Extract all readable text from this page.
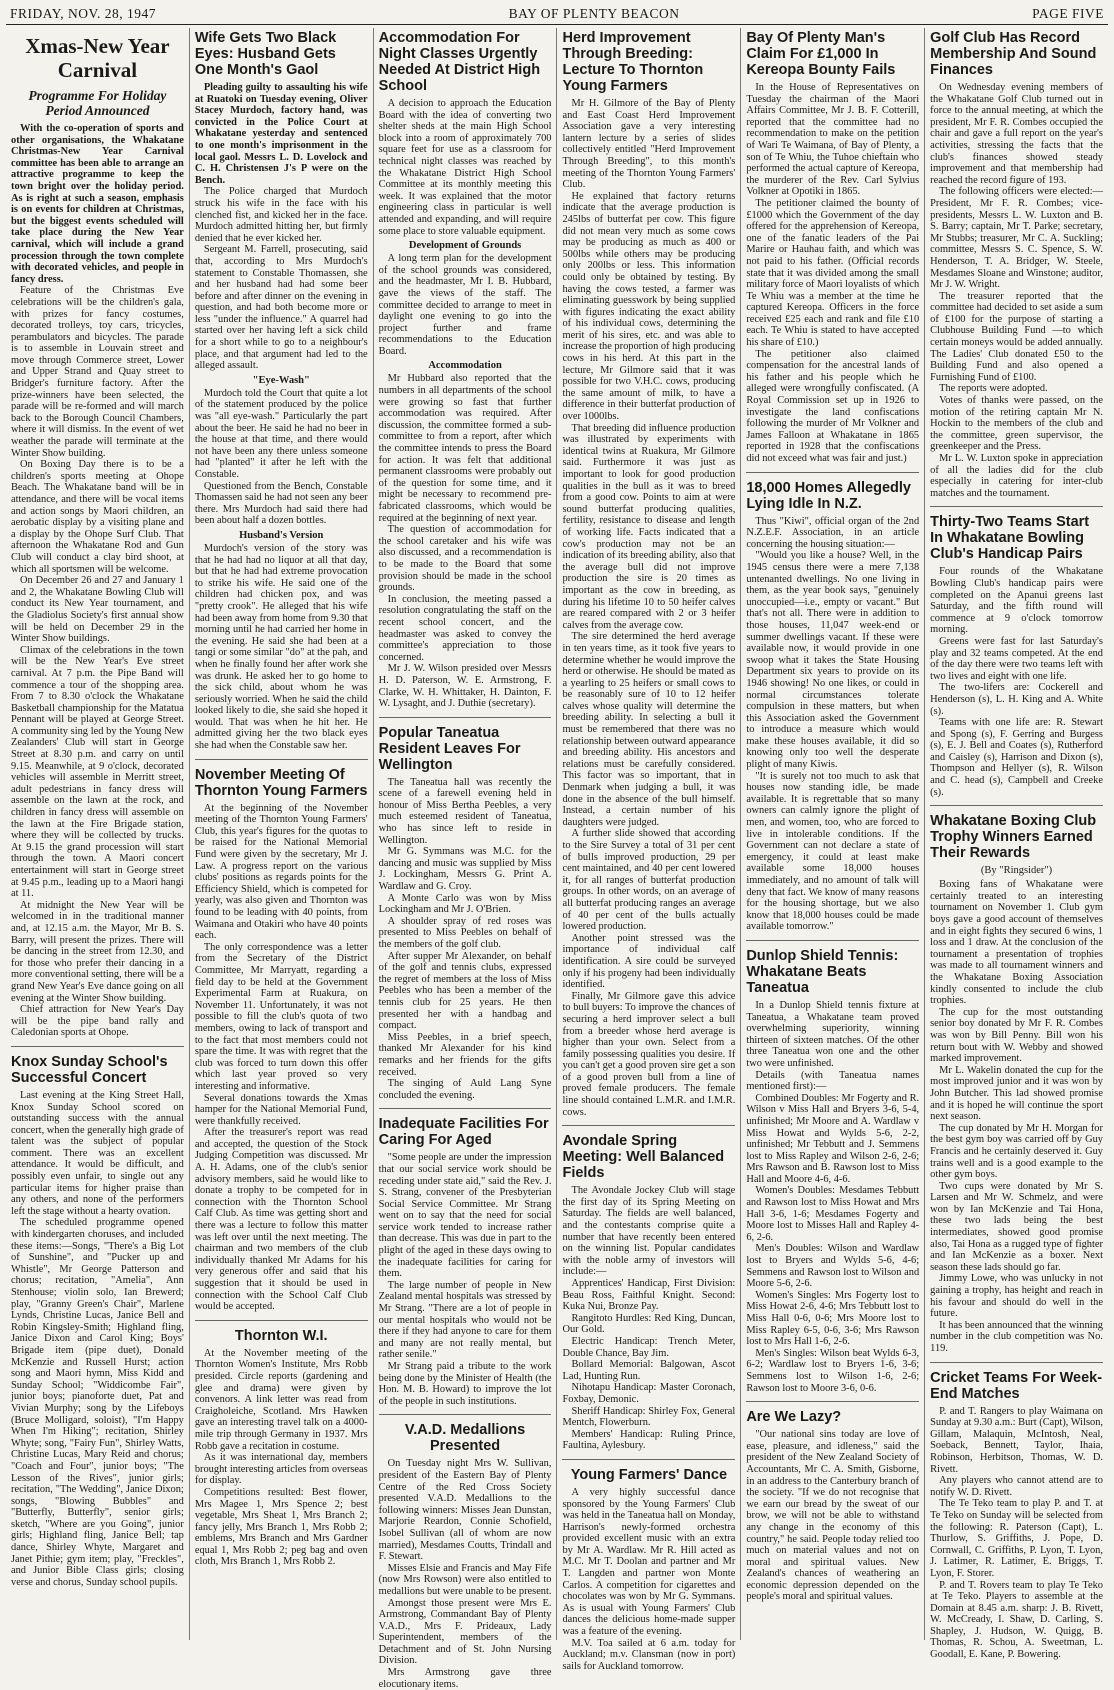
FRIDAY, NOV. 28, 1947	BAY OF PLENTY BEACON	PAGE FIVE
Xmas-New Year Carnival
Programme For Holiday Period Announced

With the co-operation of sports and other organisations, the Whakatane Christmas-New Year Carnival committee has been able to arrange an attractive programme to keep the town bright over the holiday period. As is right at such a season, emphasis is on events for children at Christmas, but the biggest events scheduled will take place during the New Year carnival, which will include a grand procession through the town complete with decorated vehicles, and people in fancy dress.

Feature of the Christmas Eve celebrations will be the children's gala, with prizes for fancy costumes, decorated trolleys, toy cars, tricycles, perambulators and bicycles. The parade is to assemble in Louvain street and move through Commerce street, Lower and Upper Strand and Quay street to Bridger's furniture factory. After the prize-winners have been selected, the parade will be re-formed and will march back to the Borough Council Chambers, where it will dismiss. In the event of wet weather the parade will terminate at the Winter Show building.

On Boxing Day there is to be a children's sports meeting at Ohope Beach. The Whakatane band will be in attendance, and there will be vocal items and action songs by Maori children, an aerobatic display by a visiting plane and a display by the Ohope Surf Club. That afternoon the Whakatane Rod and Gun Club will conduct a clay bird shoot, at which all sportsmen will be welcome.

On December 26 and 27 and January 1 and 2, the Whakatane Bowling Club will conduct its New Year tournament, and the Gladiolus Society's first annual show will be held on December 29 in the Winter Show buildings.

Climax of the celebrations in the town will be the New Year's Eve street carnival. At 7 p.m. the Pipe Band will commence a tour of the shopping area. From 7 to 8.30 o'clock the Whakatane Basketball championship for the Matatua Pennant will be played at George Street. A community sing led by the Young New Zealanders' Club will start in George Street at 8.30 p.m. and carry on until 9.15. Meanwhile, at 9 o'clock, decorated vehicles will assemble in Merritt street, adult pedestrians in fancy dress will assemble on the lawn at the rock, and children in fancy dress will assemble on the lawn at the Fire Brigade station, where they will be collected by trucks. At 9.15 the grand procession will start through the town. A Maori concert entertainment will start in George street at 9.45 p.m., leading up to a Maori hangi at 11.

At midnight the New Year will be welcomed in in the traditional manner and, at 12.15 a.m. the Mayor, Mr B. S. Barry, will present the prizes. There will be dancing in the street from 12.30, and for those who prefer their dancing in a more conventional setting, there will be a grand New Year's Eve dance going on all evening at the Winter Show building.

Chief attraction for New Year's Day will be the pipe band rally and Caledonian sports at Ohope.

Knox Sunday School's Successful Concert

Last evening at the King Street Hall, Knox Sunday School scored on outstanding success with the annual concert, when the generally high grade of talent was the subject of popular comment. There was an excellent attendance. It would be difficult, and possibly even unfair, to single out any particular items for higher praise than any others, and none of the performers left the stage without a hearty ovation.

The scheduled programme opened with kindergarten choruses, and included these items:—Songs, "There's a Big Lot of Sunshine", and "Pucker up and Whistle", Mr George Patterson and chorus; recitation, "Amelia", Ann Stenhouse; violin solo, Ian Brewerd; play, "Granny Green's Chair", Marlene Lynds, Christine Lucas, Janice Bell and Robin Kingsley-Smith; Highland fling, Janice Dixon and Carol King; Boys' Brigade item (pipe duet), Donald McKenzie and Russell Hurst; action song and Maori hymn, Miss Kidd and Sunday School; "Widdicombe Fair", junior boys; pianoforte duet, Pat and Vivian Murphy; song by the Lifeboys (Bruce Molligard, soloist), "I'm Happy When I'm Hiking"; recitation, Shirley Whyte; song, "Fairy Fun", Shirley Watts, Christine Lucas, Mary Reid and chorus; "Coach and Four", junior boys; "The Lesson of the Rives", junior girls; recitation, "The Wedding", Janice Dixon; songs, "Blowing Bubbles" and "Butterfly, Butterfly", senior girls; sketch, "Where are you Going", junior girls; Highland fling, Janice Bell; tap dance, Shirley Whyte, Margaret and Janet Pithie; gym item; play, "Freckles", and Junior Bible Class girls; closing verse and chorus, Sunday school pupils.

Wife Gets Two Black Eyes: Husband Gets One Month's Gaol

Pleading guilty to assaulting his wife at Ruatoki on Tuesday evening, Oliver Stacey Murdoch, factory hand, was convicted in the Police Court at Whakatane yesterday and sentenced to one month's imprisonment in the local gaol. Messrs L. D. Lovelock and C. H. Christensen J's P were on the Bench.

The Police charged that Murdoch struck his wife in the face with his clenched fist, and kicked her in the face. Murdoch admitted hitting her, but firmly denied that he ever kicked her.

Sergeant M. Farrell, prosecuting, said that, according to Mrs Murdoch's statement to Constable Thomassen, she and her husband had had some beer before and after dinner on the evening in question, and had both become more or less "under the influence." A quarrel had started over her having left a sick child for a short while to go to a neighbour's place, and that argument had led to the alleged assault.

"Eye-Wash"

Murdoch told the Court that quite a lot of the statement produced by the police was "all eye-wash." Particularly the part about the beer. He said he had no beer in the house at that time, and there would not have been any there unless someone had "planted" it after he left with the Constable.

Questioned from the Bench, Constable Thomassen said he had not seen any beer there. Mrs Murdoch had said there had been about half a dozen bottles.

Husband's Version

Murdoch's version of the story was that he had had no liquor at all that day, but that he had had extreme provocation to strike his wife. He said one of the children had chicken pox, and was "pretty crook". He alleged that his wife had been away from home from 9.30 that morning until he had carried her home in the evening. He said she had been at a tangi or some similar "do" at the pah, and when he finally found her after work she was drunk. He asked her to go home to the sick child, about whom he was seriously worried. When he said the child looked likely to die, she said she hoped it would. That was when he hit her. He admitted giving her the two black eyes she had when the Constable saw her.

November Meeting Of Thornton Young Farmers

At the beginning of the November meeting of the Thornton Young Farmers' Club, this year's figures for the quotas to be raised for the National Memorial Fund were given by the secretary, Mr J. Law. A progress report on the various clubs' positions as regards points for the Efficiency Shield, which is competed for yearly, was also given and Thornton was found to be leading with 40 points, from Waimana and Otakiri who have 40 points each.

The only correspondence was a letter from the Secretary of the District Committee, Mr Marryatt, regarding a field day to be held at the Government Experimental Farm at Ruakura, on November 11. Unfortunately, it was not possible to fill the club's quota of two members, owing to lack of transport and to the fact that most members could not spare the time. It was with regret that the club was forced to turn down this offer which last year proved so very interesting and informative.

Several donations towards the Xmas hamper for the National Memorial Fund, were thankfully received.

After the treasurer's report was read and accepted, the question of the Stock Judging Competition was discussed. Mr A. H. Adams, one of the club's senior advisory members, said he would like to donate a trophy to be competed for in connection with the Thornton School Calf Club. As time was getting short and there was a lecture to follow this matter was left over until the next meeting. The chairman and two members of the club individually thanked Mr Adams for his very generous offer and said that his suggestion that it should be used in connection with the School Calf Club would be accepted.

Thornton W.I.

At the November meeting of the Thornton Women's Institute, Mrs Robb presided. Circle reports (gardening and glee and drama) were given by convenors. A link letter was read from Craigholeiche, Scotland. Mrs Hawken gave an interesting travel talk on a 4000-mile trip through Germany in 1937. Mrs Robb gave a recitation in costume.

As it was international day, members brought interesting articles from overseas for display.

Competitions resulted: Best flower, Mrs Magee 1, Mrs Spence 2; best vegetable, Mrs Sheat 1, Mrs Branch 2; fancy jelly, Mrs Branch 1, Mrs Robb 2; emblems, Mrs Branch and Mrs Gardner equal 1, Mrs Robb 2; peg bag and oven cloth, Mrs Branch 1, Mrs Robb 2.

Accommodation For Night Classes Urgently Needed At District High School

A decision to approach the Education Board with the idea of converting two shelter sheds at the main High School block into a room of approximately 700 square feet for use as a classroom for technical night classes was reached by the Whakatane District High School Committee at its monthly meeting this week. It was explained that the motor engineering class in particular is well attended and expanding, and will require some place to store valuable equipment.

Development of Grounds

A long term plan for the development of the school grounds was considered, and the headmaster, Mr I. B. Hubbard, gave the views of the staff. The committee decided to arrange to meet in daylight one evening to go into the project further and frame recommendations to the Education Board.

Accommodation

Mr Hubbard also reported that the numbers in all departments of the school were growing so fast that further accommodation was required. After discussion, the committee formed a sub-committee to from a report, after which the committee intends to press the Board for action. It was felt that additional permanent classrooms were probably out of the question for some time, and it might be necessary to recommend pre-fabricated classrooms, which would be required at the beginning of next year.

The question of accommodation for the school caretaker and his wife was also discussed, and a recommendation is to be made to the Board that some provision should be made in the school grounds.

In conclusion, the meeting passed a resolution congratulating the staff on the recent school concert, and the headmaster was asked to convey the committee's appreciation to those concerned.

Mr J. W. Wilson presided over Messrs H. D. Paterson, W. E. Armstrong, F. Clarke, W. H. Whittaker, H. Dainton, F. W. Lysaght, and J. Duthie (secretary).

Popular Taneatua Resident Leaves For Wellington

The Taneatua hall was recently the scene of a farewell evening held in honour of Miss Bertha Peebles, a very much esteemed resident of Taneatua, who has since left to reside in Wellington.

Mr G. Symmans was M.C. for the dancing and music was supplied by Miss J. Lockingham, Messrs G. Print A. Wardlaw and G. Croy.

A Monte Carlo was won by Miss Lockingham and Mr J. O'Brien.

A shoulder spray of red roses was presented to Miss Peebles on behalf of the members of the golf club.

After supper Mr Alexander, on behalf of the golf and tennis clubs, expressed the regret of members at the loss of Miss Peebles who has been a member of the tennis club for 25 years. He then presented her with a handbag and compact.

Miss Peebles, in a brief speech, thanked Mr Alexander for his kind remarks and her friends for the gifts received.

The singing of Auld Lang Syne concluded the evening.

Inadequate Facilities For Caring For Aged

"Some people are under the impression that our social service work should be receding under state aid," said the Rev. J. S. Strang, convener of the Presbyterian Social Service Committee. Mr Strang went on to say that the need for social service work tended to increase rather than decrease. This was due in part to the plight of the aged in these days owing to the inadequate facilities for caring for them.

The large number of people in New Zealand mental hospitals was stressed by Mr Strang. "There are a lot of people in our mental hospitals who would not be there if they had anyone to care for them and many are not really mental, but rather senile."

Mr Strang paid a tribute to the work being done by the Minister of Health (the Hon. M. B. Howard) to improve the lot of the people in such institutions.

V.A.D. Medallions Presented

On Tuesday night Mrs W. Sullivan, president of the Eastern Bay of Plenty Centre of the Red Cross Society presented V.A.D. Medallions to the following winners: Misses Jean Dunstan, Marjorie Reardon, Connie Schofield, Isobel Sullivan (all of whom are now married), Mesdames Coutts, Trindall and F. Stewart.

Misses Elsie and Francis and May Fife (now Mrs Rowson) were also entitled to medallions but were unable to be present.

Amongst those present were Mrs E. Armstrong, Commandant Bay of Plenty V.A.D., Mrs F. Prideaux, Lady Superintendent, members of the Detachment and of St. John Nursing Division.

Mrs Armstrong gave three elocutionary items.

Herd Improvement Through Breeding: Lecture To Thornton Young Farmers

Mr H. Gilmore of the Bay of Plenty and East Coast Herd Improvement Association gave a very interesting lantern lecture by a series of slides collectively entitled "Herd Improvement Through Breeding", to this month's meeting of the Thornton Young Farmers' Club.

He explained that factory returns indicate that the average production is 245lbs of butterfat per cow. This figure did not mean very much as some cows may be producing as much as 400 or 500lbs while others may be producing only 200lbs or less. This information could only be obtained by testing. By having the cows tested, a farmer was eliminating guesswork by being supplied with figures indicating the exact ability of his individual cows, determining the merit of his sires, etc. and was able to increase the proportion of high producing cows in his herd. At this part in the lecture, Mr Gilmore said that it was possible for two V.H.C. cows, producing the same amount of milk, to have a difference in their butterfat production of over 1000lbs.

That breeding did influence production was illustrated by experiments with identical twins at Ruakura, Mr Gilmore said. Furthermore it was just as important to look for good production qualities in the bull as it was to breed from a good cow. Points to aim at were sound butterfat producing qualities, fertility, resistance to disease and length of working life. Facts indicated that a cow's production may not be an indication of its breeding ability, also that the average bull did not improve production the sire is 20 times as important as the cow in breeding, as during his lifetime 10 to 50 heifer calves are reared compared with 2 or 3 heifer calves from the average cow.

The sire determined the herd average in ten years time, as it took five years to determine whether he would improve the herd or otherwise. He should be mated as a yearling to 25 heifers or small cows to be reasonably sure of 10 to 12 heifer calves whose quality will determine the breeding ability. In selecting a bull it must be remembered that there was no relationship between outward appearance and breeding ability. His ancestors and relations must be carefully considered. This factor was so important, that in Denmark when judging a bull, it was done in the absence of the bull himself. Instead, a certain number of his daughters were judged.

A further slide showed that according to the Sire Survey a total of 31 per cent of bulls improved production, 29 per cent maintained, and 40 per cent lowered it, for all ranges of butterfat production groups. In other words, on an average of all butterfat producing ranges an average of 40 per cent of the bulls actually lowered production.

Another point stressed was the importance of individual calf identification. A sire could be surveyed only if his progeny had been individually identified.

Finally, Mr Gilmore gave this advice to bull buyers: To improve the chances of securing a herd improver select a bull from a breeder whose herd average is higher than your own. Select from a family possessing qualities you desire. If you can't get a good proven sire get a son of a good proven bull from a line of proved female producers. The female line should contained L.M.R. and I.M.R. cows.

Avondale Spring Meeting: Well Balanced Fields

The Avondale Jockey Club will stage the first day of its Spring Meeting on Saturday. The fields are well balanced, and the contestants comprise quite a number that have recently been entered on the winning list. Popular candidates with the noble army of investors will include:—

Apprentices' Handicap, First Division: Beau Ross, Faithful Knight. Second: Kuka Nui, Bronze Pay.

Rangitoto Hurdles: Red King, Duncan, Our Gold.

Electric Handicap: Trench Meter, Double Chance, Bay Jim.

Bollard Memorial: Balgowan, Ascot Lad, Hunting Run.

Nihotapu Handicap: Master Coronach, Foxbay, Demonic.

Sheriff Handicap: Shirley Fox, General Mentch, Flowerburn.

Members' Handicap: Ruling Prince, Faultina, Aylesbury.

Young Farmers' Dance

A very highly successful dance sponsored by the Young Farmers' Club was held in the Taneatua hall on Monday, Harrison's newly-formed orchestra provided excellent music with an extra by Mr A. Wardlaw. Mr R. Hill acted as M.C. Mr T. Doolan and partner and Mr T. Langden and partner won Monte Carlos. A competition for cigarettes and chocolates was won by Mr G. Symmans. As is usual with Young Farmers' Club dances the delicious home-made supper was a feature of the evening.

M.V. Toa sailed at 6 a.m. today for Auckland; m.v. Clansman (now in port) sails for Auckland tomorrow.

Bay Of Plenty Man's Claim For £1,000 In Kereopa Bounty Fails

In the House of Representatives on Tuesday the chairman of the Maori Affairs Committee, Mr J. B. F. Cotterill, reported that the committee had no recommendation to make on the petition of Wari Te Waimana, of Bay of Plenty, a son of Te Whiu, the Tuhoe chieftain who performed the actual capture of Kereopa, the murderer of the Rev. Carl Sylvius Volkner at Opotiki in 1865.

The petitioner claimed the bounty of £1000 which the Government of the day offered for the apprehension of Kereopa, one of the fanatic leaders of the Pai Marire or Hauhau faith, and which was not paid to his father. (Official records state that it was divided among the small military force of Maori loyalists of which Te Whiu was a member at the time he captured Kereopa. Officers in the force received £25 each and rank and file £10 each. Te Whiu is stated to have accepted his share of £10.)

The petitioner also claimed compensation for the ancestral lands of his father and his people which he alleged were wrongfully confiscated. (A Royal Commission set up in 1926 to investigate the land confiscations following the murder of Mr Volkner and James Falloon at Whakatane in 1865 reported in 1928 that the confiscations did not exceed what was fair and just.)

18,000 Homes Allegedly Lying Idle In N.Z.

Thus "Kiwi", official organ of the 2nd N.Z.E.F. Association, in an article concerning the housing situation:—

"Would you like a house? Well, in the 1945 census there were a mere 7,138 untenanted dwellings. No one living in them, as the year book says, "genuinely unoccupied—i.e., empty or vacant." But that's not all. There were in addition to those houses, 11,047 week-end or summer dwellings vacant. If these were available now, it would provide in one swoop what it takes the State Housing Department six years to provide on its 1946 showing! No one likes, or could in normal circumstances tolerate compulsion in these matters, but when this Association asked the Government to introduce a measure which would make these houses available, it did so knowing only too well the desperate plight of many Kiwis.

"It is surely not too much to ask that houses now standing idle, be made available. It is regrettable that so many owners can calmly ignore the plight of men, and women, too, who are forced to live in intolerable conditions. If the Government can not declare a state of emergency, it could at least make available some 18,000 houses immediately, and no amount of talk will deny that fact. We know of many reasons for the housing shortage, but we also know that 18,000 houses could be made available tomorrow."

Dunlop Shield Tennis: Whakatane Beats Taneatua

In a Dunlop Shield tennis fixture at Taneatua, a Whakatane team proved overwhelming superiority, winning thirteen of sixteen matches. Of the other three Taneatua won one and the other two were unfinished.

Details (with Taneatua names mentioned first):—

Combined Doubles: Mr Fogerty and R. Wilson v Miss Hall and Bryers 3-6, 5-4, unfinished; Mr Moore and A. Wardlaw v Miss Howat and Wylds 5-6, 2-2, unfinished; Mr Tebbutt and J. Semmens lost to Miss Rapley and Wilson 2-6, 2-6; Mrs Rawson and B. Rawson lost to Miss Hall and Moore 4-6, 4-6.

Women's Doubles: Mesdames Tebbutt and Rawson lost to Miss Howat and Mrs Hall 3-6, 1-6; Mesdames Fogerty and Moore lost to Misses Hall and Rapley 4-6, 2-6.

Men's Doubles: Wilson and Wardlaw lost to Bryers and Wylds 5-6, 4-6; Semmens and Rawson lost to Wilson and Moore 5-6, 2-6.

Women's Singles: Mrs Fogerty lost to Miss Howat 2-6, 4-6; Mrs Tebbutt lost to Miss Hall 0-6, 0-6; Mrs Moore lost to Miss Rapley 6-5, 0-6, 3-6; Mrs Rawson lost to Mrs Hall 1-6, 2-6.

Men's Singles: Wilson beat Wylds 6-3, 6-2; Wardlaw lost to Bryers 1-6, 3-6; Semmens lost to Wilson 1-6, 2-6; Rawson lost to Moore 3-6, 0-6.

Are We Lazy?

"Our national sins today are love of ease, pleasure, and idleness," said the president of the New Zealand Society of Accountants, Mr C. A. Smith, Gisborne, in an address to the Canterbury branch of the society. "If we do not recognise that we earn our bread by the sweat of our brow, we will not be able to withstand any change in the economy of this country," he said. People today relied too much on material values and not on moral and spiritual values. New Zealand's chances of weathering an economic depression depended on the people's moral and spiritual values.

Golf Club Has Record Membership And Sound Finances

On Wednesday evening members of the Whakatane Golf Club turned out in force to the annual meeting, at which the president, Mr F. R. Combes occupied the chair and gave a full report on the year's activities, stressing the facts that the club's finances showed steady improvement and that membership had reached the record figure of 193.

The following officers were elected:—President, Mr F. R. Combes; vice-presidents, Messrs L. W. Luxton and B. S. Barry; captain, Mr T. Parke; secretary, Mr Stubbs; treasurer, Mr C. A. Suckling; committee, Messrs S. C. Spence, S. W. Henderson, T. A. Bridger, W. Steele, Mesdames Sloane and Winstone; auditor, Mr J. W. Wright.

The treasurer reported that the committee had decided to set aside a sum of £100 for the purpose of starting a Clubhouse Building Fund —to which certain moneys would be added annually. The Ladies' Club donated £50 to the Building Fund and also opened a Furnishing Fund of £100.

The reports were adopted.

Votes of thanks were passed, on the motion of the retiring captain Mr N. Hockin to the members of the club and the committee, green supervisor, the greenkeeper and the Press.

Mr L. W. Luxton spoke in appreciation of all the ladies did for the club especially in catering for inter-club matches and the tournament.

Thirty-Two Teams Start In Whakatane Bowling Club's Handicap Pairs

Four rounds of the Whakatane Bowling Club's handicap pairs were completed on the Apanui greens last Saturday, and the fifth round will commence at 9 o'clock tomorrow morning.

Greens were fast for last Saturday's play and 32 teams competed. At the end of the day there were two teams left with two lives and eight with one life.

The two-lifers are: Cockerell and Henderson (s), L. H. King and A. White (s).

Teams with one life are: R. Stewart and Spong (s), F. Gerring and Burgess (s), E. J. Bell and Coates (s), Rutherford and Caisley (s), Harrison and Dixon (s), Thompson and Hellyer (s), R. Wilson and C. head (s), Campbell and Creeke (s).

Whakatane Boxing Club Trophy Winners Earned Their Rewards
(By "Ringsider")

Boxing fans of Whakatane were certainly treated to an interesting tournament on November 1. Club gym boys gave a good account of themselves and in eight fights they secured 6 wins, 1 loss and 1 draw. At the conclusion of the tournament a presentation of trophies was made to all tournament winners and the Whakatane Boxing Association kindly consented to include the club trophies.

The cup for the most outstanding senior boy donated by Mr F. R. Combes was won by Bill Penny. Bill won his return bout with W. Webby and showed marked improvement.

Mr L. Wakelin donated the cup for the most improved junior and it was won by John Butcher. This lad showed promise and it is hoped he will continue the sport next season.

The cup donated by Mr H. Morgan for the best gym boy was carried off by Guy Francis and he certainly deserved it. Guy trains well and is a good example to the other gym boys.

Two cups were donated by Mr S. Larsen and Mr W. Schmelz, and were won by Ian McKenzie and Tai Hona, these two lads being the best intermediates, showed good promise also, Tai Hona as a rugged type of fighter and Ian McKenzie as a boxer. Next season these lads should go far.

Jimmy Lowe, who was unlucky in not gaining a trophy, has height and reach in his favour and should do well in the future.

It has been announced that the winning number in the club competition was No. 119.

Cricket Teams For Week-End Matches

P. and T. Rangers to play Waimana on Sunday at 9.30 a.m.: Burt (Capt), Wilson, Gillam, Malaquin, McIntosh, Neal, Soeback, Bennett, Taylor, Ihaia, Robinson, Herbitson, Thomas, W. D. Rivett.

Any players who cannot attend are to notify W. D. Rivett.

The Te Teko team to play P. and T. at Te Teko on Sunday will be selected from the following: R. Paterson (Capt), L. Thurlow, S. Griffiths, J. Pope, D. Cornwall, C. Griffiths, P. Lyon, T. Lyon, J. Latimer, R. Latimer, E. Briggs, T. Lyon, F. Storer.

P. and T. Rovers team to play Te Teko at Te Teko. Players to assemble at the Domain at 8.45 a.m. sharp: J. B. Rivett, W. McCready, I. Shaw, D. Carling, S. Shapley, J. Hudson, W. Quigg, B. Thomas, R. Schou, A. Sweetman, L. Goodall, E. Kane, P. Bowering.
